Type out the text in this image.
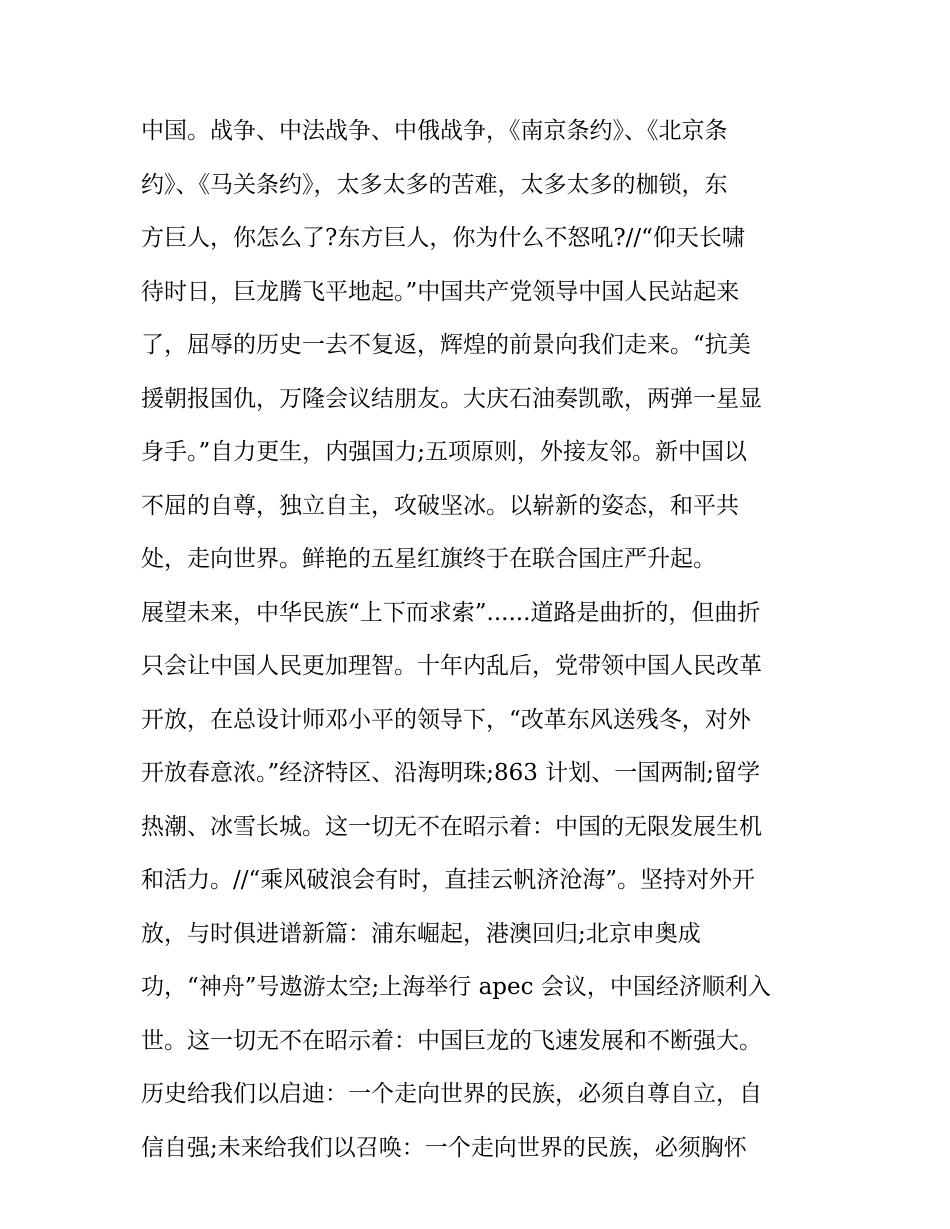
中国。战争、中法战争、中俄战争，《南京条约》、《北京条
约》、《马关条约》，太多太多的苦难，太多太多的枷锁，东
方巨人，你怎么了?东方巨人，你为什么不怒吼?//“仰天长啸
待时日，巨龙腾飞平地起。”中国共产党领导中国人民站起来
了，屈辱的历史一去不复返，辉煌的前景向我们走来。“抗美
援朝报国仇，万隆会议结朋友。大庆石油奏凯歌，两弹一星显
身手。”自力更生，内强国力;五项原则，外接友邻。新中国以
不屈的自尊，独立自主，攻破坚冰。以崭新的姿态，和平共
处，走向世界。鲜艳的五星红旗终于在联合国庄严升起。
展望未来，中华民族“上下而求索”......道路是曲折的，但曲折
只会让中国人民更加理智。十年内乱后，党带领中国人民改革
开放，在总设计师邓小平的领导下，“改革东风送残冬，对外
开放春意浓。”经济特区、沿海明珠;863 计划、一国两制;留学
热潮、冰雪长城。这一切无不在昭示着：中国的无限发展生机
和活力。//“乘风破浪会有时，直挂云帆济沧海”。坚持对外开
放，与时俱进谱新篇：浦东崛起，港澳回归;北京申奥成
功，“神舟”号遨游太空;上海举行 apec 会议，中国经济顺利入
世。这一切无不在昭示着：中国巨龙的飞速发展和不断强大。
历史给我们以启迪：一个走向世界的民族，必须自尊自立，自
信自强;未来给我们以召唤：一个走向世界的民族，必须胸怀
